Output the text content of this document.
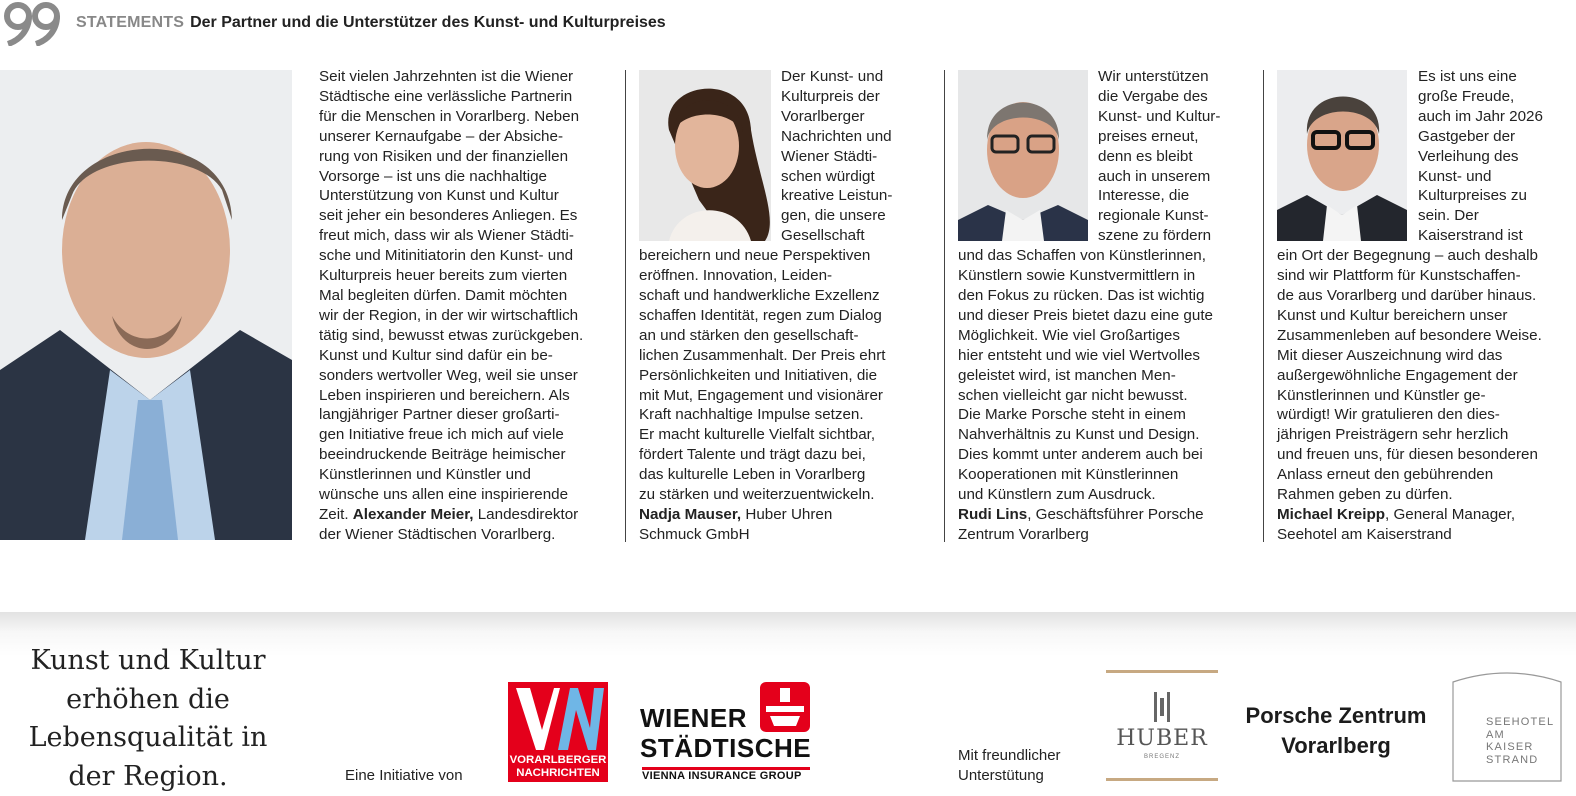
STATEMENTS Der Partner und die Unterstützer des Kunst- und Kulturpreises

Seit vielen Jahrzehnten ist die Wiener

Städtische eine verlässliche Partnerin

für die Menschen in Vorarlberg. Neben

unserer Kernaufgabe – der Absiche-

rung von Risiken und der finanziellen

Vorsorge – ist uns die nachhaltige

Unterstützung von Kunst und Kultur

seit jeher ein besonderes Anliegen. Es

freut mich, dass wir als Wiener Städti-

sche und Mitinitiatorin den Kunst- und

Kulturpreis heuer bereits zum vierten

Mal begleiten dürfen. Damit möchten

wir der Region, in der wir wirtschaftlich

tätig sind, bewusst etwas zurückgeben.

Kunst und Kultur sind dafür ein be-

sonders wertvoller Weg, weil sie unser

Leben inspirieren und bereichern. Als

langjähriger Partner dieser großarti-

gen Initiative freue ich mich auf viele

beeindruckende Beiträge heimischer

Künstlerinnen und Künstler und

wünsche uns allen eine inspirierende

Zeit. Alexander Meier, Landesdirektor

der Wiener Städtischen Vorarlberg.

Der Kunst- und

Kulturpreis der

Vorarlberger

Nachrichten und

Wiener Städti-

schen würdigt

kreative Leistun-

gen, die unsere

Gesellschaft

bereichern und neue Perspektiven

eröffnen. Innovation, Leiden-

schaft und handwerkliche Exzellenz

schaffen Identität, regen zum Dialog

an und stärken den gesellschaft-

lichen Zusammenhalt. Der Preis ehrt

Persönlichkeiten und Initiativen, die

mit Mut, Engagement und visionärer

Kraft nachhaltige Impulse setzen.

Er macht kulturelle Vielfalt sichtbar,

fördert Talente und trägt dazu bei,

das kulturelle Leben in Vorarlberg

zu stärken und weiterzuentwickeln.

Nadja Mauser, Huber Uhren

Schmuck GmbH

Wir unterstützen

die Vergabe des

Kunst- und Kultur-

preises erneut,

denn es bleibt

auch in unserem

Interesse, die

regionale Kunst-

szene zu fördern

und das Schaffen von Künstlerinnen,

Künstlern sowie Kunstvermittlern in

den Fokus zu rücken. Das ist wichtig

und dieser Preis bietet dazu eine gute

Möglichkeit. Wie viel Großartiges

hier entsteht und wie viel Wertvolles

geleistet wird, ist manchen Men-

schen vielleicht gar nicht bewusst.

Die Marke Porsche steht in einem

Nahverhältnis zu Kunst und Design.

Dies kommt unter anderem auch bei

Kooperationen mit Künstlerinnen

und Künstlern zum Ausdruck.

Rudi Lins, Geschäftsführer Porsche

Zentrum Vorarlberg

Es ist uns eine

große Freude,

auch im Jahr 2026

Gastgeber der

Verleihung des

Kunst- und

Kulturpreises zu

sein. Der

Kaiserstrand ist

ein Ort der Begegnung – auch deshalb

sind wir Plattform für Kunstschaffen-

de aus Vorarlberg und darüber hinaus.

Kunst und Kultur bereichern unser

Zusammenleben auf besondere Weise.

Mit dieser Auszeichnung wird das

außergewöhnliche Engagement der

Künstlerinnen und Künstler ge-

würdigt! Wir gratulieren den dies-

jährigen Preisträgern sehr herzlich

und freuen uns, für diesen besonderen

Anlass erneut den gebührenden

Rahmen geben zu dürfen.

Michael Kreipp, General Manager,

Seehotel am Kaiserstrand

Kunst und Kultur
erhöhen die
Lebensqualität in
der Region.	Eine Initiative von
VORARLBERGER
NACHRICHTEN
WIENER
STÄDTISCHE
VIENNA INSURANCE GROUP
Mit freundlicher
Unterstütung
HUBER
BREGENZ
Porsche Zentrum
Vorarlberg
SEEHOTEL
AM
KAISER
STRAND
